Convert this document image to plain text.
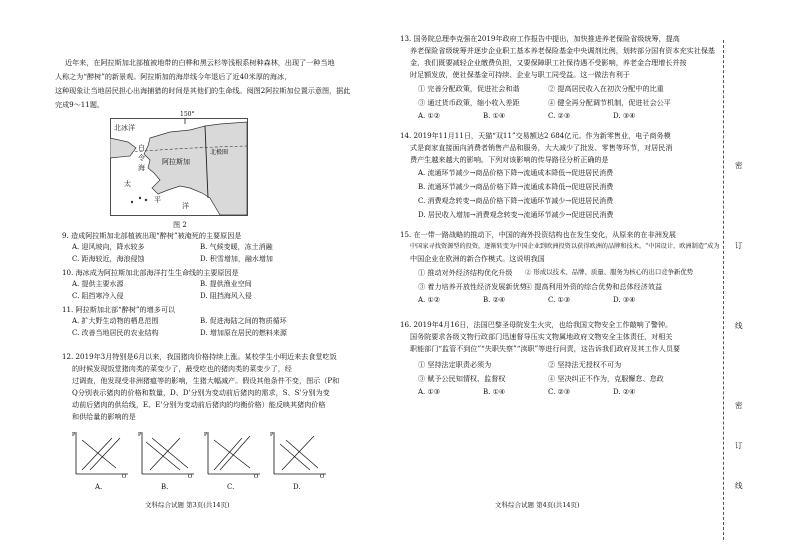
近年来，在阿拉斯加北部植被地带的白桦和黑云杉等浅根系树种森林，出现了一种当地
人称之为“醉树”的新景观。阿拉斯加的海岸线今年退后了近40米厚的海冰，
这种现象让当地居民担心出海捕猎的时间是其他们的生命线。阅图2阿拉斯加位置示意图，据此
完成9～11题。
北冰洋
150°
白
令
海
阿拉斯加
北极圈
太
平
洋
图 2
9. 造成阿拉斯加北部植被出现“醉树”被淹死的主要原因是
A. 迎风坡向，降水较多	B. 气候变暖，冻土消融
C. 距海较近，海浪侵蚀	D. 积雪增加，融水增加
10. 海冰成为阿拉斯加北部海洋打生生命线的主要原因是
A. 提供主要水源	B. 提供渔业空间
C. 阻挡寒冷入侵	D. 阻挡海风入侵
11. 阿拉斯加北部“醉树”的增多可以
A. 扩大野生动物的栖息范围	B. 促进海陆之间的物质循环
C. 改善当地居民的农业结构	D. 增加原在居民的燃料来源
12. 2019年3月特别是6月以来，我国猪肉价格持续上涨。某校学生小明近来去食堂吃饭
的时候发现饭堂猪肉类的菜变少了，最受吃也的猪肉类的菜变少了，经
过调查，他发现受非洲猪瘟等的影响，生猪大幅减产。假设其他条件不变，图示（P和
Q分别表示猪肉的价格和数量，D、D'分别为变动前后猪肉的需求，S、S'分别为变
动前后猪肉的供给线，E、E'分别为变动前后猪肉的均衡价格）能反映其猪肉价格
和供给量的影响的是
P
Q
P
Q
P
Q
P
Q
A.	B.	C.	D.
文科综合试题 第3页(共14页)
13. 国务院总理李克强在2019年政府工作报告中提出，加快推进养老保险省级统筹，提高
养老保险省级统筹并逐步企业职工基本养老保险基金中央调剂比例，划转部分国有资本充实社保基
金，我们既要减轻企业缴费负担，又要保障职工社保待遇不受影响，养老金合理增长并按
时足额发放，使社保基金可持续、企业与职工同受益。这一做法有利于
① 完善分配政策，促进社会和谐	② 提高居民收入在初次分配中的比重
③ 通过货币政策，缩小收入差距	④ 健全再分配调节机制，促进社会公平
A. ①②	B. ①④	C. ②③	D. ③④
14. 2019年11月11日，天猫“双11”交易额达2 684亿元。作为新零售业，电子商务模
式是商家直接面向消费者销售产品和服务，大大减少了批发、零售等环节，对居民消
费产生越来越大的影响。下列对该影响的传导路径分析正确的是
A. 流通环节减少→商品价格下降→流通成本降低→促进居民消费
B. 流通环节减少→商品价格下降→流通成本降低→促进居民消费
C. 消费观念转变→商品价格下降→流通环节减少→促进居民消费
D. 居民收入增加→消费观念转变→流通环节减少→促进居民消费
15. 在一带一路战略的推动下，中国的海外投资结构也在发生变化，从原来的在非洲发展
中国家寻找资源型的投资，逐渐转变为中国企业到欧洲投资以获得欧洲的品牌和技术。“中国设计、欧洲制造”成为
中国企业在欧洲的新合作模式。这说明我国
① 推动对外经济结构优化升级 ② 形成以技术、品牌、质量、服务为核心的出口竞争新优势
③ 着力培养开放性经济发展新优势
④ 提高利用外资的综合优势和总体经济效益
A. ①②	B. ②④	C. ①③	D. ③④
16. 2019年4月16日，法国巴黎圣母院发生火灾，也给我国文物安全工作敲响了警钟。
国务院要求各级文物行政部门迅速督导压实文物属地政府文物安全主体责任，对相关
职能部门“监管不到位”“失职失察”“渎职”等进行问责，这告诉我们政府及其工作人员要
① 坚持法定职责必须为	② 坚持法无授权不可为
③ 赋予公民知情权、监督权	④ 坚决纠正不作为，克服懈怠、怠政
A. ①③	B. ①④	C. ②③	D. ②④
文科综合试题 第4页(共14页)
密
订
线
密
订
线
